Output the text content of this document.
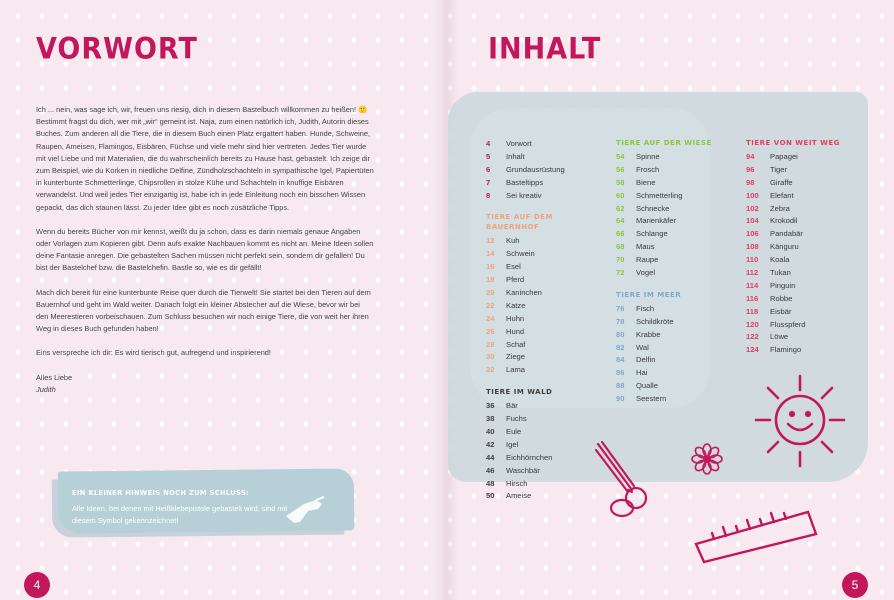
VORWORT

Ich ... nein, was sage ich, wir, freuen uns riesig, dich in diesem Bastelbuch willkommen zu heißen! 🙂 Bestimmt fragst du dich, wer mit „wir“ gemeint ist. Naja, zum einen natürlich ich, Judith, Autorin dieses Buches. Zum anderen all die Tiere, die in diesem Buch einen Platz ergattert haben. Hunde, Schweine, Raupen, Ameisen, Flamingos, Eisbären, Füchse und viele mehr sind hier vertreten. Jedes Tier wurde mit viel Liebe und mit Materialien, die du wahrscheinlich bereits zu Hause hast, gebastelt. Ich zeige dir zum Beispiel, wie du Korken in niedliche Delfine, Zündholzschachteln in sympathische Igel, Papiertüten in kunterbunte Schmetterlinge, Chipsrollen in stolze Kühe und Schachteln in knuffige Eisbären verwandelst. Und weil jedes Tier einzigartig ist, habe ich in jede Einleitung noch ein bisschen Wissen gepackt, das dich staunen lässt. Zu jeder Idee gibt es noch zusätzliche Tipps.

Wenn du bereits Bücher von mir kennst, weißt du ja schon, dass es darin niemals genaue Angaben oder Vorlagen zum Kopieren gibt. Denn aufs exakte Nachbauen kommt es nicht an. Meine Ideen sollen deine Fantasie anregen. Die gebastelten Sachen müssen nicht perfekt sein, sondern dir gefallen! Du bist der Bastelchef bzw. die Bastelchefin. Bastle so, wie es dir gefällt!

Mach dich bereit für eine kunterbunte Reise quer durch die Tierwelt! Sie startet bei den Tieren auf dem Bauernhof und geht im Wald weiter. Danach folgt ein kleiner Abstecher auf die Wiese, bevor wir bei den Meerestieren vorbeischauen. Zum Schluss besuchen wir noch einige Tiere, die von weit her ihren Weg in dieses Buch gefunden haben!

Eins verspreche ich dir: Es wird tierisch gut, aufregend und inspirierend!

Alles Liebe
Judith
EIN KLEINER HINWEIS NOCH ZUM SCHLUSS:
Alle Ideen, bei denen mit Heißklebepistole gebastelt wird, sind mit diesem Symbol gekennzeichnet!
4
INHALT
4	Vorwort
5	Inhalt
6	Grundausrüstung
7	Basteltipps
8	Sei kreativ
TIERE AUF DEM
BAUERNHOF
12	Kuh
14	Schwein
16	Esel
18	Pferd
20	Kaninchen
22	Katze
24	Huhn
26	Hund
28	Schaf
30	Ziege
32	Lama
TIERE IM WALD
36	Bär
38	Fuchs
40	Eule
42	Igel
44	Eichhörnchen
46	Waschbär
48	Hirsch
50	Ameise
TIERE AUF DER WIESE
54	Spinne
56	Frosch
58	Biene
60	Schmetterling
62	Schnecke
64	Marienkäfer
66	Schlange
68	Maus
70	Raupe
72	Vogel
TIERE IM MEER
76	Fisch
78	Schildkröte
80	Krabbe
82	Wal
84	Delfin
86	Hai
88	Qualle
90	Seestern
TIERE VON WEIT WEG
94	Papagei
96	Tiger
98	Giraffe
100	Elefant
102	Zebra
104	Krokodil
106	Pandabär
108	Känguru
110	Koala
112	Tukan
114	Pinguin
116	Robbe
118	Eisbär
120	Flusspferd
122	Löwe
124	Flamingo
5
